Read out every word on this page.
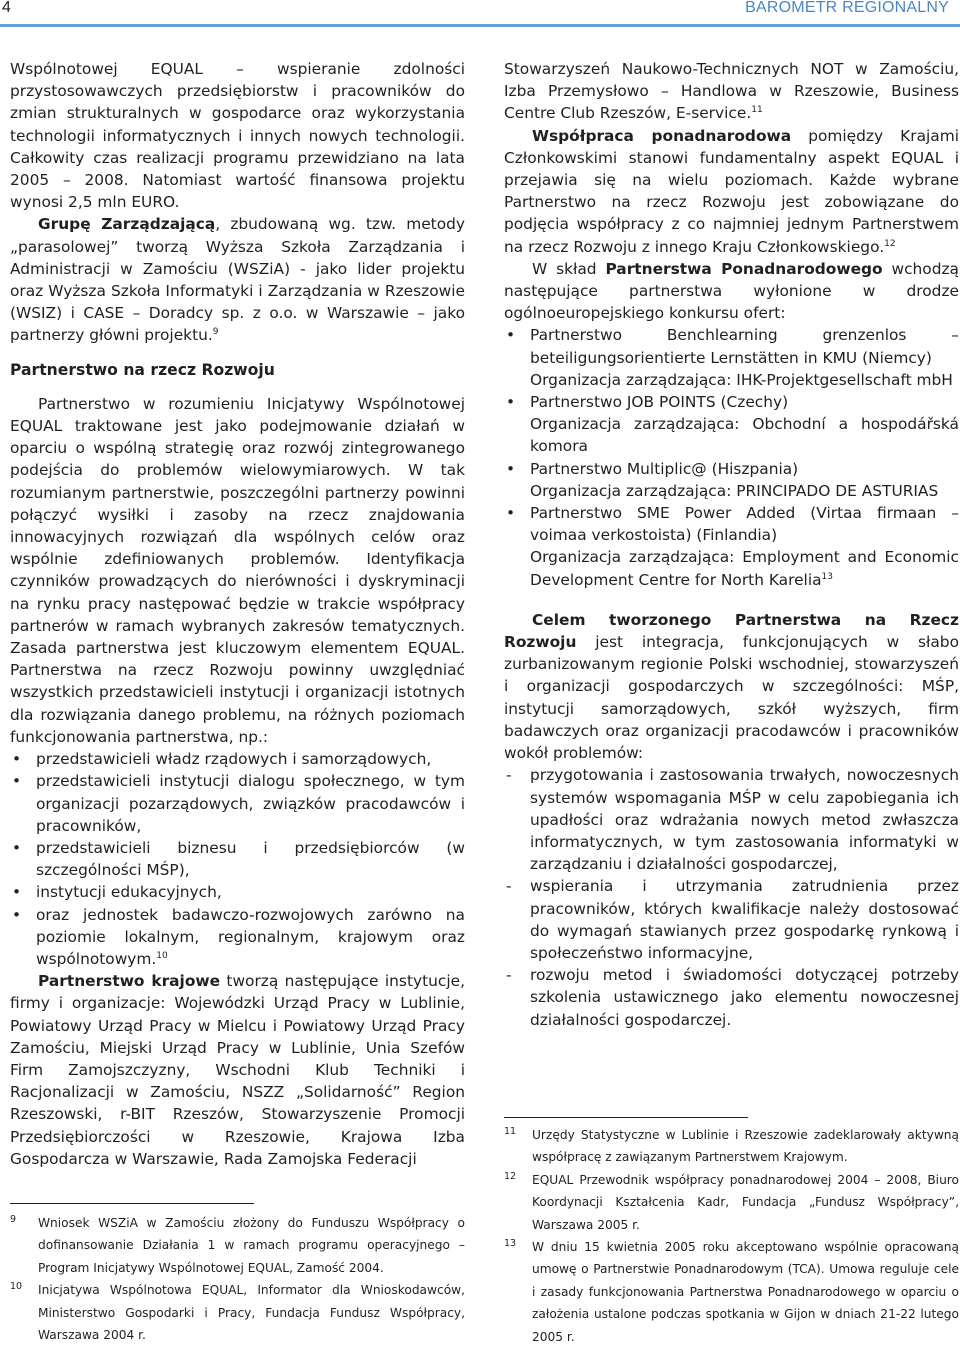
4	BAROMETR REGIONALNY

Wspólnotowej EQUAL – wspieranie zdolności przystosowawczych przedsiębiorstw i pracowników do zmian strukturalnych w gospodarce oraz wykorzystania technologii informatycznych i innych nowych technologii. Całkowity czas realizacji programu przewidziano na lata 2005 – 2008. Natomiast wartość finansowa projektu wynosi 2,5 mln EURO.

Grupę Zarządzającą, zbudowaną wg. tzw. metody „parasolowej” tworzą Wyższa Szkoła Zarządzania i Administracji w Zamościu (WSZiA) - jako lider projektu oraz Wyższa Szkoła Informatyki i Zarządzania w Rzeszowie (WSIZ) i CASE – Doradcy sp. z o.o. w Warszawie – jako partnerzy główni projektu.$^9$

Partnerstwo na rzecz Rozwoju

Partnerstwo w rozumieniu Inicjatywy Wspólnotowej EQUAL traktowane jest jako podejmowanie działań w oparciu o wspólną strategię oraz rozwój zintegrowanego podejścia do problemów wielowymiarowych. W tak rozumianym partnerstwie, poszczególni partnerzy powinni połączyć wysiłki i zasoby na rzecz znajdowania innowacyjnych rozwiązań dla wspólnych celów oraz wspólnie zdefiniowanych problemów. Identyfikacja czynników prowadzących do nierówności i dyskryminacji na rynku pracy następować będzie w trakcie współpracy partnerów w ramach wybranych zakresów tematycznych. Zasada partnerstwa jest kluczowym elementem EQUAL. Partnerstwa na rzecz Rozwoju powinny uwzględniać wszystkich przedstawicieli instytucji i organizacji istotnych dla rozwiązania danego problemu, na różnych poziomach funkcjonowania partnerstwa, np.:

• przedstawicieli władz rządowych i samorządowych,
• przedstawicieli instytucji dialogu społecznego, w tym organizacji pozarządowych, związków pracodawców i pracowników,
• przedstawicieli biznesu i przedsiębiorców (w szczególności MŚP),
• instytucji edukacyjnych,
• oraz jednostek badawczo-rozwojowych zarówno na poziomie lokalnym, regionalnym, krajowym oraz wspólnotowym.$^{10}$

Partnerstwo krajowe tworzą następujące instytucje, firmy i organizacje: Wojewódzki Urząd Pracy w Lublinie, Powiatowy Urząd Pracy w Mielcu i Powiatowy Urząd Pracy Zamościu, Miejski Urząd Pracy w Lublinie, Unia Szefów Firm Zamojszczyzny, Wschodni Klub Techniki i Racjonalizacji w Zamościu, NSZZ „Solidarność” Region Rzeszowski, r-BIT Rzeszów, Stowarzyszenie Promocji Przedsiębiorczości w Rzeszowie, Krajowa Izba Gospodarcza w Warszawie, Rada Zamojska Federacji

Stowarzyszeń Naukowo-Technicznych NOT w Zamościu, Izba Przemysłowo – Handlowa w Rzeszowie, Business Centre Club Rzeszów, E-service.$^{11}$

Współpraca ponadnarodowa pomiędzy Krajami Członkowskimi stanowi fundamentalny aspekt EQUAL i przejawia się na wielu poziomach. Każde wybrane Partnerstwo na rzecz Rozwoju jest zobowiązane do podjęcia współpracy z co najmniej jednym Partnerstwem na rzecz Rozwoju z innego Kraju Członkowskiego.$^{12}$

W skład Partnerstwa Ponadnarodowego wchodzą następujące partnerstwa wyłonione w drodze ogólnoeuropejskiego konkursu ofert:

• Partnerstwo Benchlearning grenzenlos – beteiligungsorientierte Lernstätten in KMU (Niemcy)
Organizacja zarządzająca: IHK-Projektgesellschaft mbH
• Partnerstwo JOB POINTS (Czechy)
Organizacja zarządzająca: Obchodní a hospodářská komora
• Partnerstwo Multiplic@ (Hiszpania)
Organizacja zarządzająca: PRINCIPADO DE ASTURIAS
• Partnerstwo SME Power Added (Virtaa firmaan – voimaa verkostoista) (Finlandia)
Organizacja zarządzająca: Employment and Economic Development Centre for North Karelia$^{13}$

Celem tworzonego Partnerstwa na Rzecz Rozwoju jest integracja, funkcjonujących w słabo zurbanizowanym regionie Polski wschodniej, stowarzyszeń i organizacji gospodarczych w szczególności: MŚP, instytucji samorządowych, szkół wyższych, firm badawczych oraz organizacji pracodawców i pracowników wokół problemów:

- przygotowania i zastosowania trwałych, nowoczesnych systemów wspomagania MŚP w celu zapobiegania ich upadłości oraz wdrażania nowych metod zwłaszcza informatycznych, w tym zastosowania informatyki w zarządzaniu i działalności gospodarczej,
- wspierania i utrzymania zatrudnienia przez pracowników, których kwalifikacje należy dostosować do wymagań stawianych przez gospodarkę rynkową i społeczeństwo informacyjne,
- rozwoju metod i świadomości dotyczącej potrzeby szkolenia ustawicznego jako elementu nowoczesnej działalności gospodarczej.
9 Wniosek WSZiA w Zamościu złożony do Funduszu Współpracy o dofinansowanie Działania 1 w ramach programu operacyjnego – Program Inicjatywy Wspólnotowej EQUAL, Zamość 2004.
10 Inicjatywa Wspólnotowa EQUAL, Informator dla Wnioskodawców, Ministerstwo Gospodarki i Pracy, Fundacja Fundusz Współpracy, Warszawa 2004 r.
11 Urzędy Statystyczne w Lublinie i Rzeszowie zadeklarowały aktywną współpracę z zawiązanym Partnerstwem Krajowym.
12 EQUAL Przewodnik współpracy ponadnarodowej 2004 – 2008, Biuro Koordynacji Kształcenia Kadr, Fundacja „Fundusz Współpracy”, Warszawa 2005 r.
13 W dniu 15 kwietnia 2005 roku akceptowano wspólnie opracowaną umowę o Partnerstwie Ponadnarodowym (TCA). Umowa reguluje cele i zasady funkcjonowania Partnerstwa Ponadnarodowego w oparciu o założenia ustalone podczas spotkania w Gijon w dniach 21-22 lutego 2005 r.
